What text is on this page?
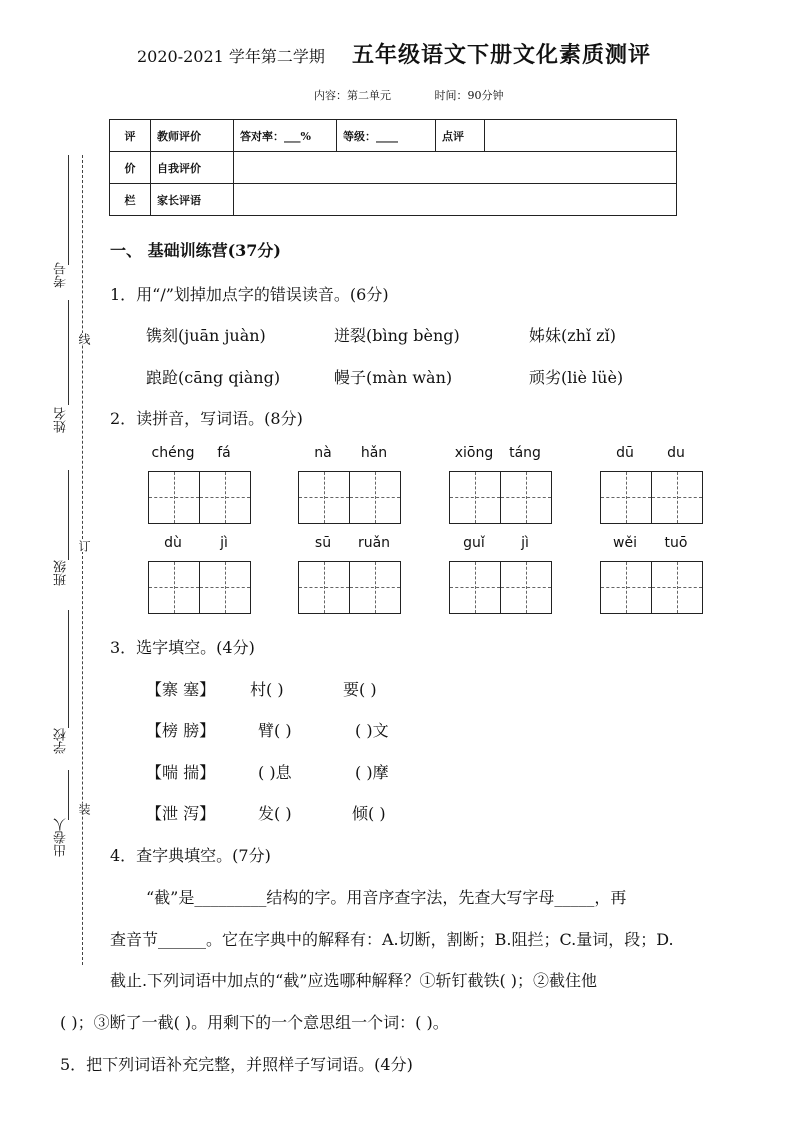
2020-2021 学年第二学期 五年级语文下册文化素质测评
内容：第二单元	时间：90分钟
评	教师评价	答对率：___%	等级：____	点评	
价	自我评价				
栏	家长评语				
考号
姓名
班级
学校
出卷人
线
订
装
一、 基础训练营(37分)
1．用“/”划掉加点字的错误读音。(6分)
镌刻(juān juàn)	迸裂(bìng bèng)	姊妹(zhǐ zǐ)
踉跄(cāng qiàng)	幔子(màn wàn)	顽劣(liè lüè)
2．读拼音，写词语。(8分)
chéng	fá	nà	hǎn	xiōng	táng	dū	du
dù	jì	sū	ruǎn	guǐ	jì	wěi	tuō
3．选字填空。(4分)
【寨 塞】 村( )	要( )
【榜 膀】	臂( )	( )文
【喘 揣】	( )息	( )摩
【泄 泻】	发( )	倾( )
4．查字典填空。(7分)
“截”是_________结构的字。用音序查字法，先查大写字母_____，再
查音节______。它在字典中的解释有：A.切断，割断；B.阻拦；C.量词，段；D.
截止.下列词语中加点的“截”应选哪种解释？①斩钉截铁( )；②截住他
( )；③断了一截( )。用剩下的一个意思组一个词：( )。
5．把下列词语补充完整，并照样子写词语。(4分)
